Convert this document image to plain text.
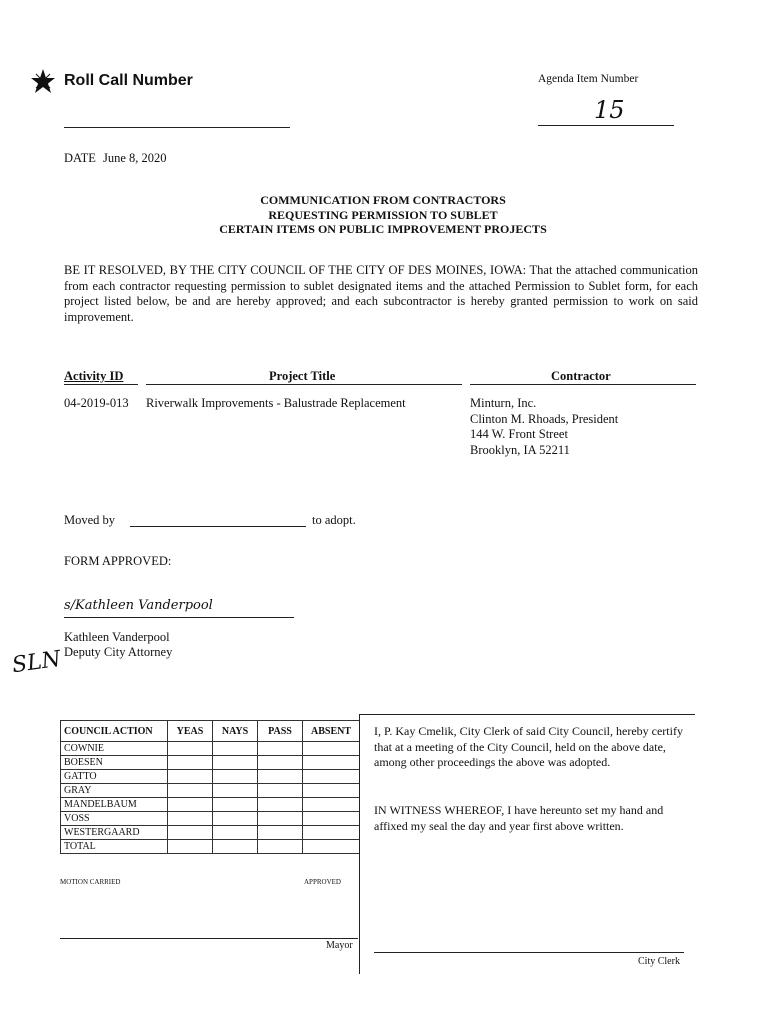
Roll Call Number	Agenda Item Number
15
DATE June 8, 2020
COMMUNICATION FROM CONTRACTORS
REQUESTING PERMISSION TO SUBLET
CERTAIN ITEMS ON PUBLIC IMPROVEMENT PROJECTS
BE IT RESOLVED, BY THE CITY COUNCIL OF THE CITY OF DES MOINES, IOWA: That the attached communication from each contractor requesting permission to sublet designated items and the attached Permission to Sublet form, for each project listed below, be and are hereby approved; and each subcontractor is hereby granted permission to work on said improvement.
Activity ID	Project Title	Contractor
04-2019-013 Riverwalk Improvements - Balustrade Replacement	Minturn, Inc.
Clinton M. Rhoads, President
144 W. Front Street
Brooklyn, IA 52211
Moved by	to adopt.
FORM APPROVED:
s/Kathleen Vanderpool
Kathleen Vanderpool
Deputy City Attorney
SLN
COUNCIL ACTION	YEAS	NAYS	PASS	ABSENT
COWNIE				
BOESEN				
GATTO				
GRAY				
MANDELBAUM				
VOSS				
WESTERGAARD				
TOTAL				
MOTION CARRIED	APPROVED
Mayor
I, P. Kay Cmelik, City Clerk of said City Council, hereby certify that at a meeting of the City Council, held on the above date, among other proceedings the above was adopted.
IN WITNESS WHEREOF, I have hereunto set my hand and affixed my seal the day and year first above written.
City Clerk
